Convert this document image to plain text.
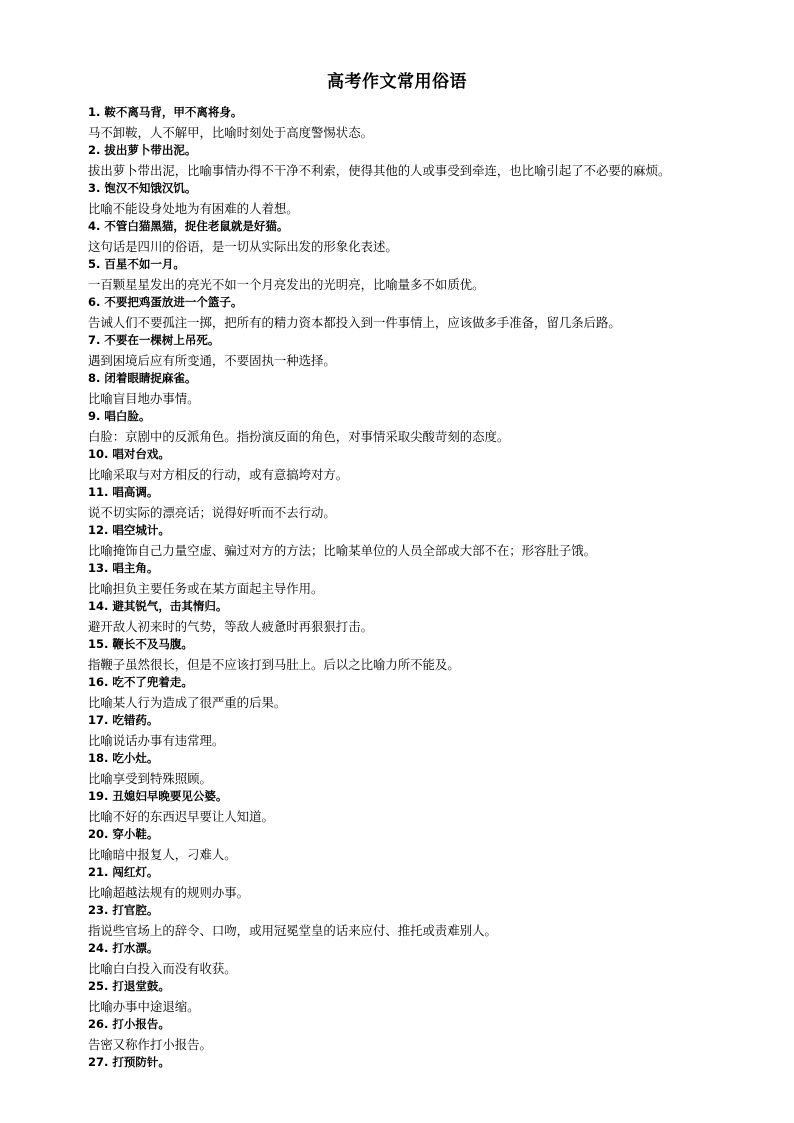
高考作文常用俗语
1. 鞍不离马背，甲不离将身。
马不卸鞍，人不解甲，比喻时刻处于高度警惕状态。
2. 拔出萝卜带出泥。
拔出萝卜带出泥，比喻事情办得不干净不利索，使得其他的人或事受到牵连，也比喻引起了不必要的麻烦。
3. 饱汉不知饿汉饥。
比喻不能设身处地为有困难的人着想。
4. 不管白猫黑猫，捉住老鼠就是好猫。
这句话是四川的俗语，是一切从实际出发的形象化表述。
5. 百星不如一月。
一百颗星星发出的亮光不如一个月亮发出的光明亮，比喻量多不如质优。
6. 不要把鸡蛋放进一个篮子。
告诫人们不要孤注一掷，把所有的精力资本都投入到一件事情上，应该做多手准备，留几条后路。
7. 不要在一棵树上吊死。
遇到困境后应有所变通，不要固执一种选择。
8. 闭着眼睛捉麻雀。
比喻盲目地办事情。
9. 唱白脸。
白脸：京剧中的反派角色。指扮演反面的角色，对事情采取尖酸苛刻的态度。
10. 唱对台戏。
比喻采取与对方相反的行动，或有意搞垮对方。
11. 唱高调。
说不切实际的漂亮话；说得好听而不去行动。
12. 唱空城计。
比喻掩饰自己力量空虚、骗过对方的方法；比喻某单位的人员全部或大部不在；形容肚子饿。
13. 唱主角。
比喻担负主要任务或在某方面起主导作用。
14. 避其锐气，击其惰归。
避开敌人初来时的气势，等敌人疲惫时再狠狠打击。
15. 鞭长不及马腹。
指鞭子虽然很长，但是不应该打到马肚上。后以之比喻力所不能及。
16. 吃不了兜着走。
比喻某人行为造成了很严重的后果。
17. 吃错药。
比喻说话办事有违常理。
18. 吃小灶。
比喻享受到特殊照顾。
19. 丑媳妇早晚要见公婆。
比喻不好的东西迟早要让人知道。
20. 穿小鞋。
比喻暗中报复人，刁难人。
21. 闯红灯。
比喻超越法规有的规则办事。
23. 打官腔。
指说些官场上的辞令、口吻，或用冠冕堂皇的话来应付、推托或责难别人。
24. 打水漂。
比喻白白投入而没有收获。
25. 打退堂鼓。
比喻办事中途退缩。
26. 打小报告。
告密又称作打小报告。
27. 打预防针。
